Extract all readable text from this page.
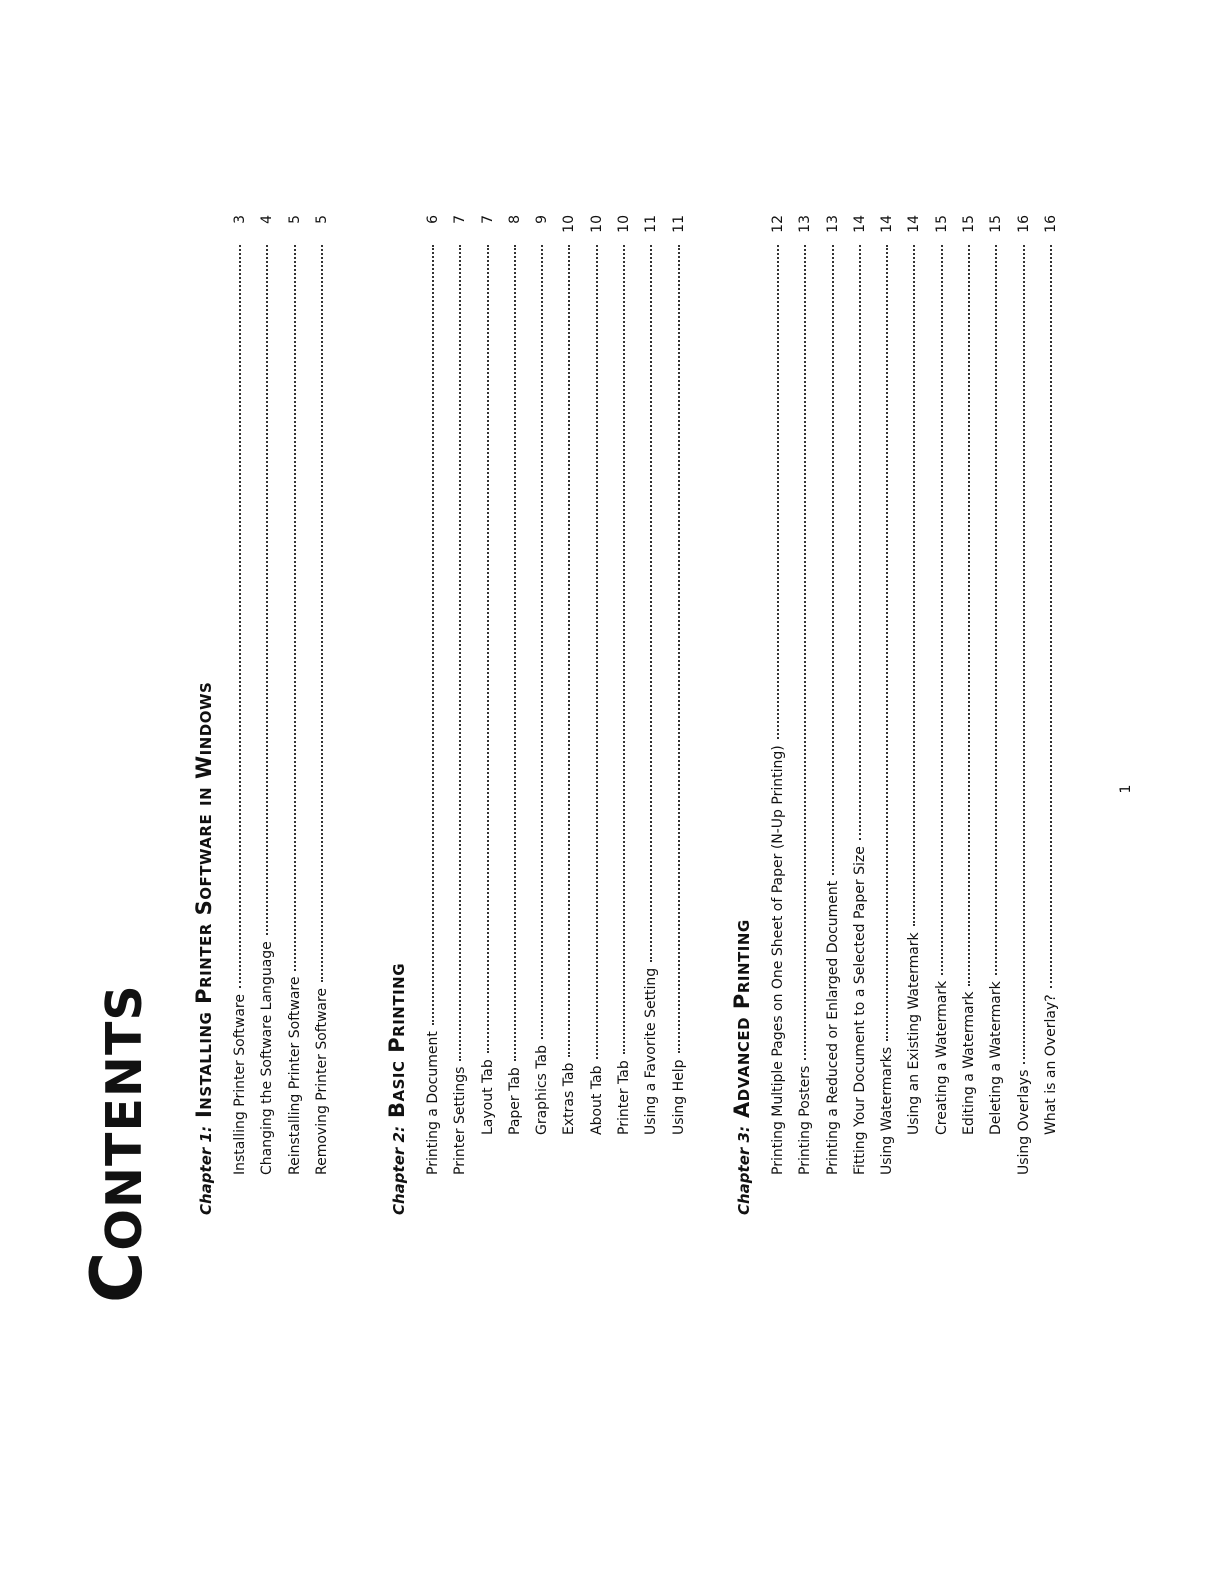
Contents	Chapter 1:
Installing Printer Software in Windows Installing Printer Software
3
Changing the Software Language
4
Reinstalling Printer Software
5
Removing Printer Software
5
Chapter 2:
Basic Printing Printing a Document
6
Printer Settings
7
Layout Tab
7
Paper Tab
8
Graphics Tab
9
Extras Tab
10
About Tab
10
Printer Tab
10
Using a Favorite Setting
11
Using Help
11
Chapter 3:
Advanced Printing Printing Multiple Pages on One Sheet of Paper (N-Up Printing)
12
Printing Posters
13
Printing a Reduced or Enlarged Document
13
Fitting Your Document to a Selected Paper Size
14
Using Watermarks
14
Using an Existing Watermark
14
Creating a Watermark
15
Editing a Watermark
15
Deleting a Watermark
15
Using Overlays
16
What is an Overlay?
16
1
